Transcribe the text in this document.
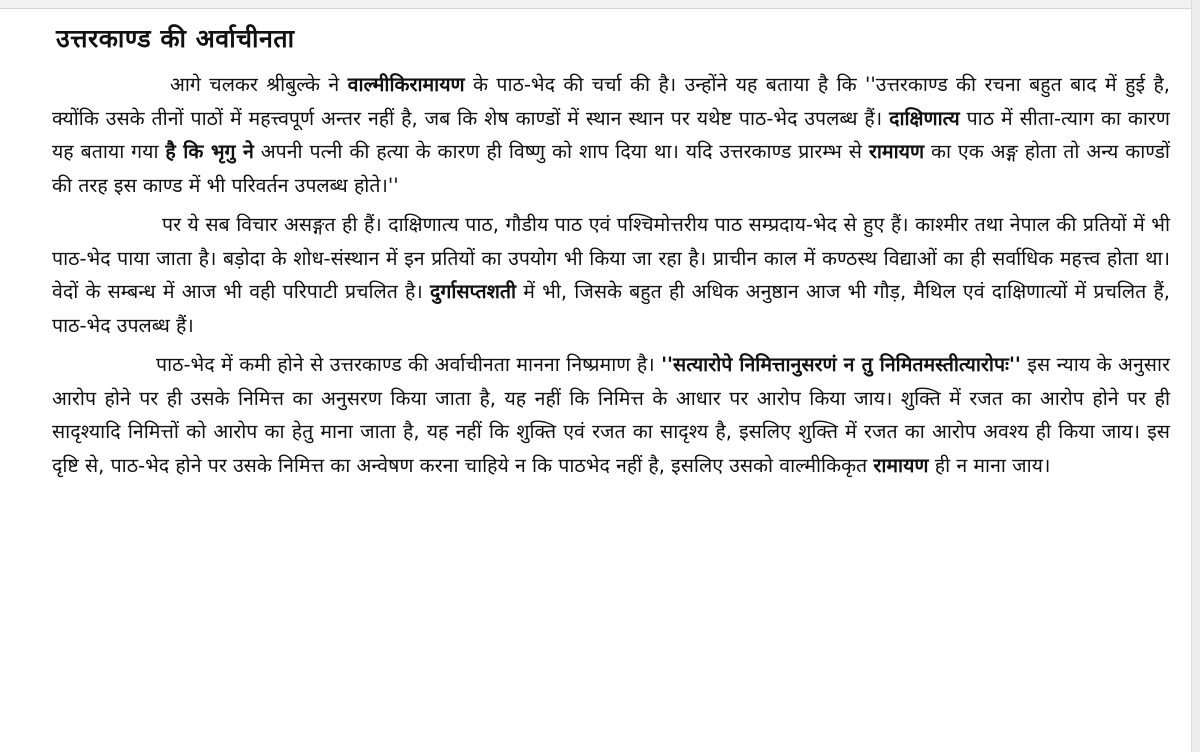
उत्तरकाण्ड की अर्वाचीनता

आगे चलकर श्रीबुल्के ने वाल्मीकिरामायण के पाठ-भेद की चर्चा की है। उन्होंने यह बताया है कि ''उत्तरकाण्ड की रचना बहुत बाद में हुई है, क्योंकि उसके तीनों पाठों में महत्त्वपूर्ण अन्तर नहीं है, जब कि शेष काण्डों में स्थान स्थान पर यथेष्ट पाठ-भेद उपलब्ध हैं। दाक्षिणात्य पाठ में सीता-त्याग का कारण यह बताया गया है कि भृगु ने अपनी पत्नी की हत्या के कारण ही विष्णु को शाप दिया था। यदि उत्तरकाण्ड प्रारम्भ से रामायण का एक अङ्ग होता तो अन्य काण्डों की तरह इस काण्ड में भी परिवर्तन उपलब्ध होते।''

पर ये सब विचार असङ्गत ही हैं। दाक्षिणात्य पाठ, गौडीय पाठ एवं पश्चिमोत्तरीय पाठ सम्प्रदाय-भेद से हुए हैं। काश्मीर तथा नेपाल की प्रतियों में भी पाठ-भेद पाया जाता है। बड़ोदा के शोध-संस्थान में इन प्रतियों का उपयोग भी किया जा रहा है। प्राचीन काल में कण्ठस्थ विद्याओं का ही सर्वाधिक महत्त्व होता था। वेदों के सम्बन्ध में आज भी वही परिपाटी प्रचलित है। दुर्गासप्तशती में भी, जिसके बहुत ही अधिक अनुष्ठान आज भी गौड़, मैथिल एवं दाक्षिणात्यों में प्रचलित हैं, पाठ-भेद उपलब्ध हैं।

पाठ-भेद में कमी होने से उत्तरकाण्ड की अर्वाचीनता मानना निष्प्रमाण है। ''सत्यारोपे निमित्तानुसरणं न तु निमितमस्तीत्यारोपः'' इस न्याय के अनुसार आरोप होने पर ही उसके निमित्त का अनुसरण किया जाता है, यह नहीं कि निमित्त के आधार पर आरोप किया जाय। शुक्ति में रजत का आरोप होने पर ही सादृश्यादि निमित्तों को आरोप का हेतु माना जाता है, यह नहीं कि शुक्ति एवं रजत का सादृश्य है, इसलिए शुक्ति में रजत का आरोप अवश्य ही किया जाय। इस दृष्टि से, पाठ-भेद होने पर उसके निमित्त का अन्वेषण करना चाहिये न कि पाठभेद नहीं है, इसलिए उसको वाल्मीकिकृत रामायण ही न माना जाय।
